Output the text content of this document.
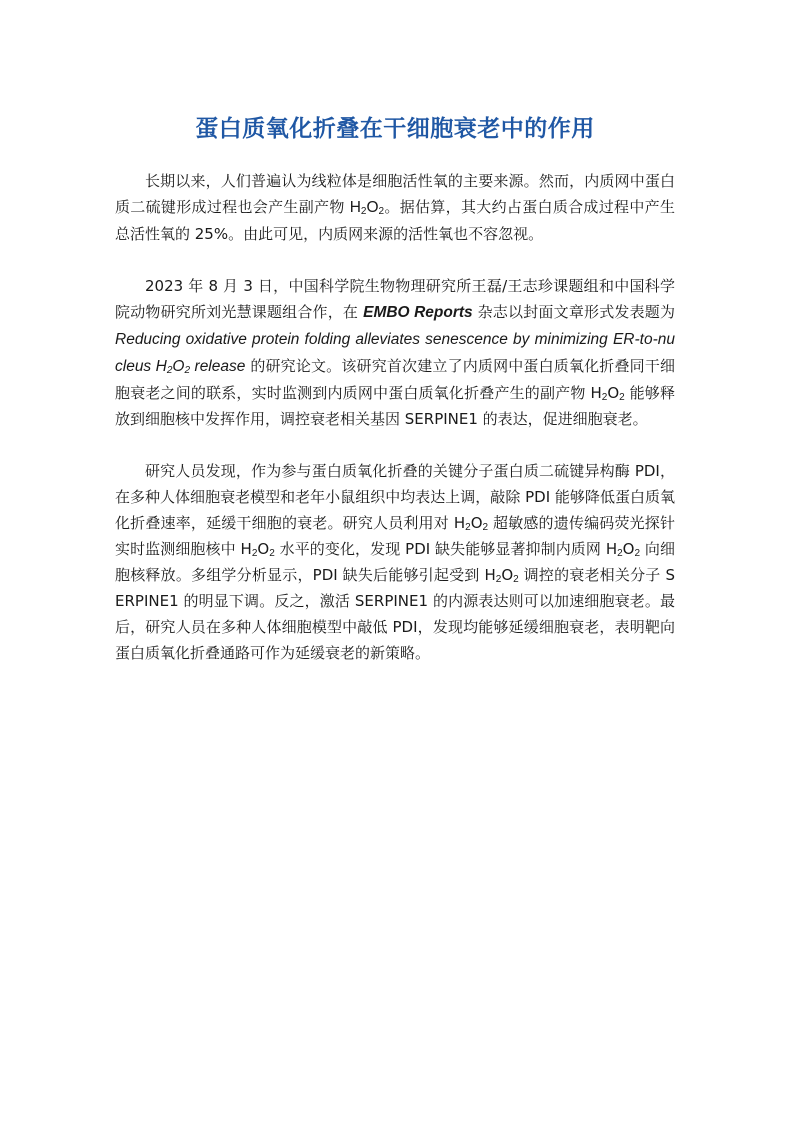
蛋白质氧化折叠在干细胞衰老中的作用

长期以来，人们普遍认为线粒体是细胞活性氧的主要来源。然而，内质网中蛋白质二硫键形成过程也会产生副产物 $H_2O_2$。据估算，其大约占蛋白质合成过程中产生总活性氧的 25%。由此可见，内质网来源的活性氧也不容忽视。

2023 年 8 月 3 日，中国科学院生物物理研究所王磊/王志珍课题组和中国科学院动物研究所刘光慧课题组合作，在 EMBO Reports 杂志以封面文章形式发表题为 Reducing oxidative protein folding alleviates senescence by minimizing ER-to-nucleus $H_2O_2$ release 的研究论文。该研究首次建立了内质网中蛋白质氧化折叠同干细胞衰老之间的联系，实时监测到内质网中蛋白质氧化折叠产生的副产物 $H_2O_2$ 能够释放到细胞核中发挥作用，调控衰老相关基因 SERPINE1 的表达，促进细胞衰老。

研究人员发现，作为参与蛋白质氧化折叠的关键分子蛋白质二硫键异构酶 PDI，在多种人体细胞衰老模型和老年小鼠组织中均表达上调，敲除 PDI 能够降低蛋白质氧化折叠速率，延缓干细胞的衰老。研究人员利用对 $H_2O_2$ 超敏感的遗传编码荧光探针实时监测细胞核中 $H_2O_2$ 水平的变化，发现 PDI 缺失能够显著抑制内质网 $H_2O_2$ 向细胞核释放。多组学分析显示，PDI 缺失后能够引起受到 $H_2O_2$ 调控的衰老相关分子 SERPINE1 的明显下调。反之，激活 SERPINE1 的内源表达则可以加速细胞衰老。最后，研究人员在多种人体细胞模型中敲低 PDI，发现均能够延缓细胞衰老，表明靶向蛋白质氧化折叠通路可作为延缓衰老的新策略。
